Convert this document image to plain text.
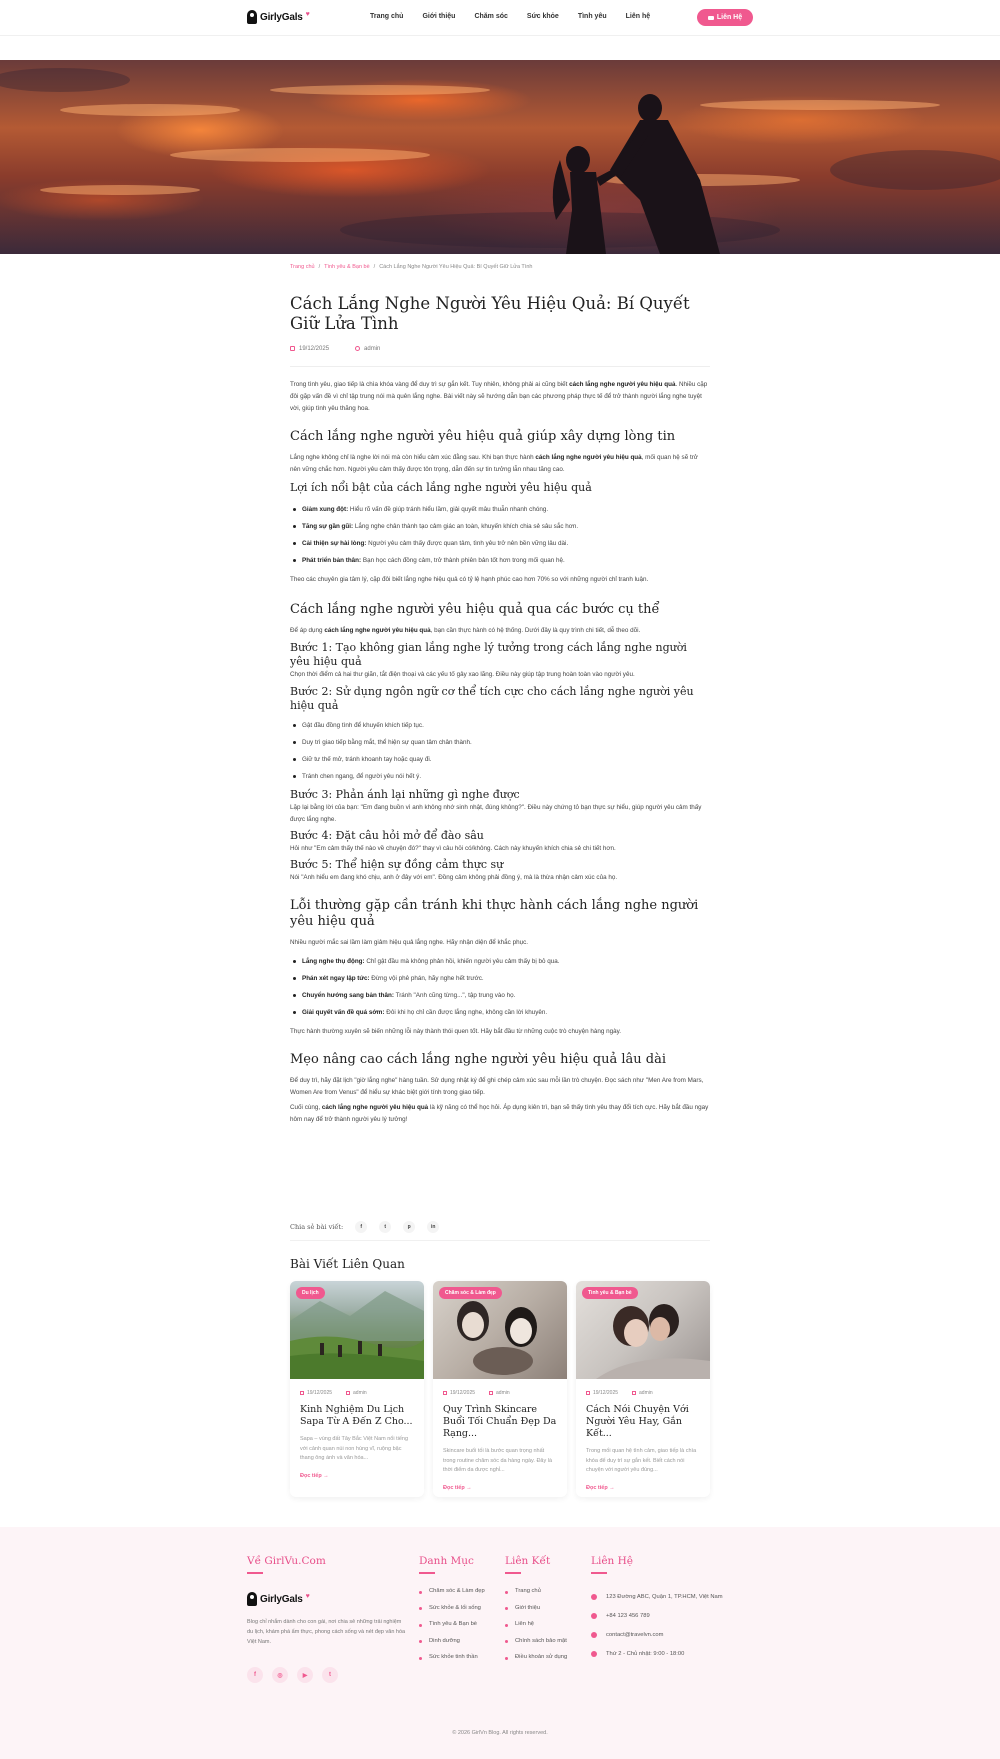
GirlyGals ♥	Trang chủ	Giới thiệu	Chăm sóc	Sức khỏe	Tình yêu	Liên hệ	Liên Hệ
Trang chủ / Tình yêu & Bạn bè / Cách Lắng Nghe Người Yêu Hiệu Quả: Bí Quyết Giữ Lửa Tình
Cách Lắng Nghe Người Yêu Hiệu Quả: Bí Quyết Giữ Lửa Tình
19/12/2025	admin

Trong tình yêu, giao tiếp là chìa khóa vàng để duy trì sự gắn kết. Tuy nhiên, không phải ai cũng biết cách lắng nghe người yêu hiệu quả. Nhiều cặp đôi gặp vấn đề vì chỉ tập trung nói mà quên lắng nghe. Bài viết này sẽ hướng dẫn bạn các phương pháp thực tế để trở thành người lắng nghe tuyệt vời, giúp tình yêu thăng hoa.

Cách lắng nghe người yêu hiệu quả giúp xây dựng lòng tin

Lắng nghe không chỉ là nghe lời nói mà còn hiểu cảm xúc đằng sau. Khi bạn thực hành cách lắng nghe người yêu hiệu quả, mối quan hệ sẽ trở nên vững chắc hơn. Người yêu cảm thấy được tôn trọng, dẫn đến sự tin tưởng lẫn nhau tăng cao.

Lợi ích nổi bật của cách lắng nghe người yêu hiệu quả
Giảm xung đột: Hiểu rõ vấn đề giúp tránh hiểu lầm, giải quyết mâu thuẫn nhanh chóng.
Tăng sự gần gũi: Lắng nghe chân thành tạo cảm giác an toàn, khuyến khích chia sẻ sâu sắc hơn.
Cải thiện sự hài lòng: Người yêu cảm thấy được quan tâm, tình yêu trở nên bền vững lâu dài.
Phát triển bản thân: Bạn học cách đồng cảm, trở thành phiên bản tốt hơn trong mối quan hệ.

Theo các chuyên gia tâm lý, cặp đôi biết lắng nghe hiệu quả có tỷ lệ hạnh phúc cao hơn 70% so với những người chỉ tranh luận.

Cách lắng nghe người yêu hiệu quả qua các bước cụ thể

Để áp dụng cách lắng nghe người yêu hiệu quả, bạn cần thực hành có hệ thống. Dưới đây là quy trình chi tiết, dễ theo dõi.

Bước 1: Tạo không gian lắng nghe lý tưởng trong cách lắng nghe người yêu hiệu quả

Chọn thời điểm cả hai thư giãn, tắt điện thoại và các yếu tố gây xao lãng. Điều này giúp tập trung hoàn toàn vào người yêu.

Bước 2: Sử dụng ngôn ngữ cơ thể tích cực cho cách lắng nghe người yêu hiệu quả
Gật đầu đồng tình để khuyến khích tiếp tục.
Duy trì giao tiếp bằng mắt, thể hiện sự quan tâm chân thành.
Giữ tư thế mở, tránh khoanh tay hoặc quay đi.
Tránh chen ngang, để người yêu nói hết ý.
Bước 3: Phản ánh lại những gì nghe được

Lặp lại bằng lời của bạn: "Em đang buồn vì anh không nhớ sinh nhật, đúng không?". Điều này chứng tỏ bạn thực sự hiểu, giúp người yêu cảm thấy được lắng nghe.

Bước 4: Đặt câu hỏi mở để đào sâu

Hỏi như "Em cảm thấy thế nào về chuyện đó?" thay vì câu hỏi có/không. Cách này khuyến khích chia sẻ chi tiết hơn.

Bước 5: Thể hiện sự đồng cảm thực sự

Nói "Anh hiểu em đang khó chịu, anh ở đây với em". Đồng cảm không phải đồng ý, mà là thừa nhận cảm xúc của họ.

Lỗi thường gặp cần tránh khi thực hành cách lắng nghe người yêu hiệu quả

Nhiều người mắc sai lầm làm giảm hiệu quả lắng nghe. Hãy nhận diện để khắc phục.

Lắng nghe thụ động: Chỉ gật đầu mà không phản hồi, khiến người yêu cảm thấy bị bỏ qua.
Phán xét ngay lập tức: Đừng vội phê phán, hãy nghe hết trước.
Chuyển hướng sang bản thân: Tránh "Anh cũng từng...", tập trung vào họ.
Giải quyết vấn đề quá sớm: Đôi khi họ chỉ cần được lắng nghe, không cần lời khuyên.

Thực hành thường xuyên sẽ biến những lỗi này thành thói quen tốt. Hãy bắt đầu từ những cuộc trò chuyện hàng ngày.

Mẹo nâng cao cách lắng nghe người yêu hiệu quả lâu dài

Để duy trì, hãy đặt lịch "giờ lắng nghe" hàng tuần. Sử dụng nhật ký để ghi chép cảm xúc sau mỗi lần trò chuyện. Đọc sách như "Men Are from Mars, Women Are from Venus" để hiểu sự khác biệt giới tính trong giao tiếp.

Cuối cùng, cách lắng nghe người yêu hiệu quả là kỹ năng có thể học hỏi. Áp dụng kiên trì, bạn sẽ thấy tình yêu thay đổi tích cực. Hãy bắt đầu ngay hôm nay để trở thành người yêu lý tưởng!

Chia sẻ bài viết:	f	t	p	in
Bài Viết Liên Quan
Du lịch
19/12/2025	admin
Kinh Nghiệm Du Lịch Sapa Từ A Đến Z Cho...
Sapa – vùng đất Tây Bắc Việt Nam nổi tiếng với cảnh quan núi non hùng vĩ, ruộng bậc thang ông ánh và văn hóa...
Đọc tiếp →
Chăm sóc & Làm đẹp
19/12/2025	admin
Quy Trình Skincare Buổi Tối Chuẩn Đẹp Da Rạng...
Skincare buổi tối là bước quan trọng nhất trong routine chăm sóc da hàng ngày. Đây là thời điểm da được nghỉ...
Đọc tiếp →
Tình yêu & Bạn bè
19/12/2025	admin
Cách Nói Chuyện Với Người Yêu Hay, Gắn Kết...
Trong mối quan hệ tình cảm, giao tiếp là chìa khóa để duy trì sự gắn kết. Biết cách nói chuyện với người yêu đúng...
Đọc tiếp →
Về GirlVu.Com
GirlyGals ♥
Blog chỉ nhắm dành cho con gái, nơi chia sẻ những trải nghiệm du lịch, khám phá ẩm thực, phong cách sống và nét đẹp văn hóa Việt Nam.
f	◎	▶	t
Danh Mục
Chăm sóc & Làm đẹp
Sức khỏe & lối sống
Tình yêu & Bạn bè
Dinh dưỡng
Sức khỏe tinh thần
Liên Kết
Trang chủ
Giới thiệu
Liên hệ
Chính sách bảo mật
Điều khoản sử dụng
Liên Hệ
123 Đường ABC, Quận 1, TP.HCM, Việt Nam
+84 123 456 789
contact@travelvn.com
Thứ 2 - Chủ nhật: 9:00 - 18:00
© 2026 GirlVn Blog. All rights reserved.
